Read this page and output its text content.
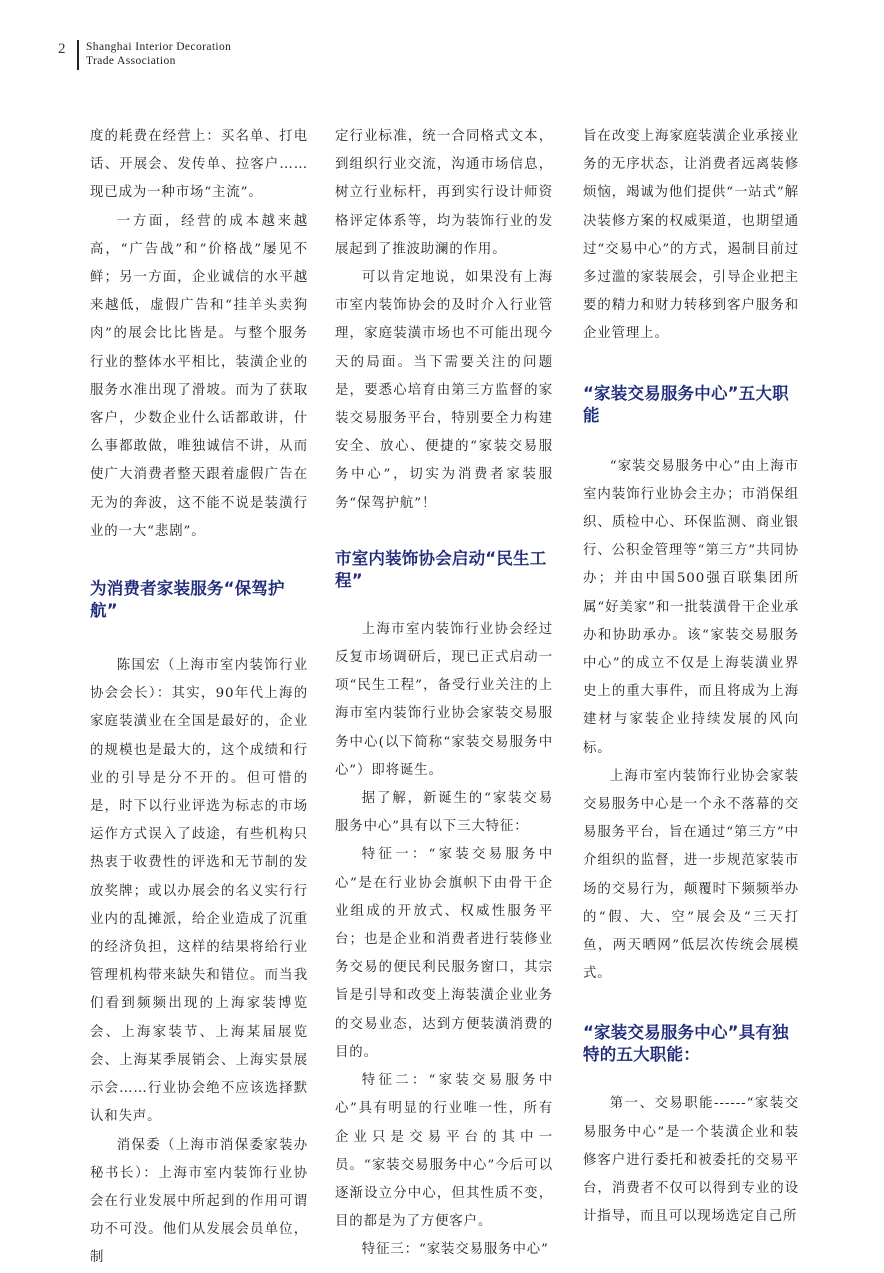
2 Shanghai Interior Decoration
Trade Association

度的耗费在经营上：买名单、打电话、开展会、发传单、拉客户……现已成为一种市场“主流”。

一方面，经营的成本越来越高，“广告战”和“价格战”屡见不鲜；另一方面，企业诚信的水平越来越低，虚假广告和“挂羊头卖狗肉”的展会比比皆是。与整个服务行业的整体水平相比，装潢企业的服务水准出现了滑坡。而为了获取客户，少数企业什么话都敢讲，什么事都敢做，唯独诚信不讲，从而使广大消费者整天跟着虚假广告在无为的奔波，这不能不说是装潢行业的一大“悲剧”。

为消费者家装服务“保驾护航”

陈国宏（上海市室内装饰行业协会会长）：其实，90年代上海的家庭装潢业在全国是最好的，企业的规模也是最大的，这个成绩和行业的引导是分不开的。但可惜的是，时下以行业评选为标志的市场运作方式误入了歧途，有些机构只热衷于收费性的评选和无节制的发放奖牌；或以办展会的名义实行行业内的乱摊派，给企业造成了沉重的经济负担，这样的结果将给行业管理机构带来缺失和错位。而当我们看到频频出现的上海家装博览会、上海家装节、上海某届展览会、上海某季展销会、上海实景展示会……行业协会绝不应该选择默认和失声。

消保委（上海市消保委家装办秘书长）：上海市室内装饰行业协会在行业发展中所起到的作用可谓功不可没。他们从发展会员单位，制

定行业标准，统一合同格式文本，到组织行业交流，沟通市场信息，树立行业标杆，再到实行设计师资格评定体系等，均为装饰行业的发展起到了推波助澜的作用。

可以肯定地说，如果没有上海市室内装饰协会的及时介入行业管理，家庭装潢市场也不可能出现今天的局面。当下需要关注的问题是，要悉心培育由第三方监督的家装交易服务平台，特别要全力构建安全、放心、便捷的“家装交易服务中心”，切实为消费者家装服务“保驾护航”！

市室内装饰协会启动“民生工程”

上海市室内装饰行业协会经过反复市场调研后，现已正式启动一项“民生工程”，备受行业关注的上海市室内装饰行业协会家装交易服务中心(以下简称“家装交易服务中心”）即将诞生。

据了解，新诞生的“家装交易服务中心”具有以下三大特征：

特征一：“家装交易服务中心”是在行业协会旗帜下由骨干企业组成的开放式、权威性服务平台；也是企业和消费者进行装修业务交易的便民利民服务窗口，其宗旨是引导和改变上海装潢企业业务的交易业态，达到方便装潢消费的目的。

特征二：“家装交易服务中心”具有明显的行业唯一性，所有企业只是交易平台的其中一员。“家装交易服务中心”今后可以逐渐设立分中心，但其性质不变，目的都是为了方便客户。

特征三：“家装交易服务中心”

旨在改变上海家庭装潢企业承接业务的无序状态，让消费者远离装修烦恼，竭诚为他们提供“一站式”解决装修方案的权威渠道，也期望通过“交易中心”的方式，遏制目前过多过滥的家装展会，引导企业把主要的精力和财力转移到客户服务和企业管理上。

“家装交易服务中心”五大职能

“家装交易服务中心”由上海市室内装饰行业协会主办；市消保组织、质检中心、环保监测、商业银行、公积金管理等“第三方”共同协办；并由中国500强百联集团所属“好美家”和一批装潢骨干企业承办和协助承办。该“家装交易服务中心”的成立不仅是上海装潢业界史上的重大事件，而且将成为上海建材与家装企业持续发展的风向标。

上海市室内装饰行业协会家装交易服务中心是一个永不落幕的交易服务平台，旨在通过“第三方”中介组织的监督，进一步规范家装市场的交易行为，颠覆时下频频举办的“假、大、空”展会及“三天打鱼，两天晒网”低层次传统会展模式。

“家装交易服务中心”具有独特的五大职能：

第一、交易职能------“家装交易服务中心”是一个装潢企业和装修客户进行委托和被委托的交易平台，消费者不仅可以得到专业的设计指导，而且可以现场选定自己所
